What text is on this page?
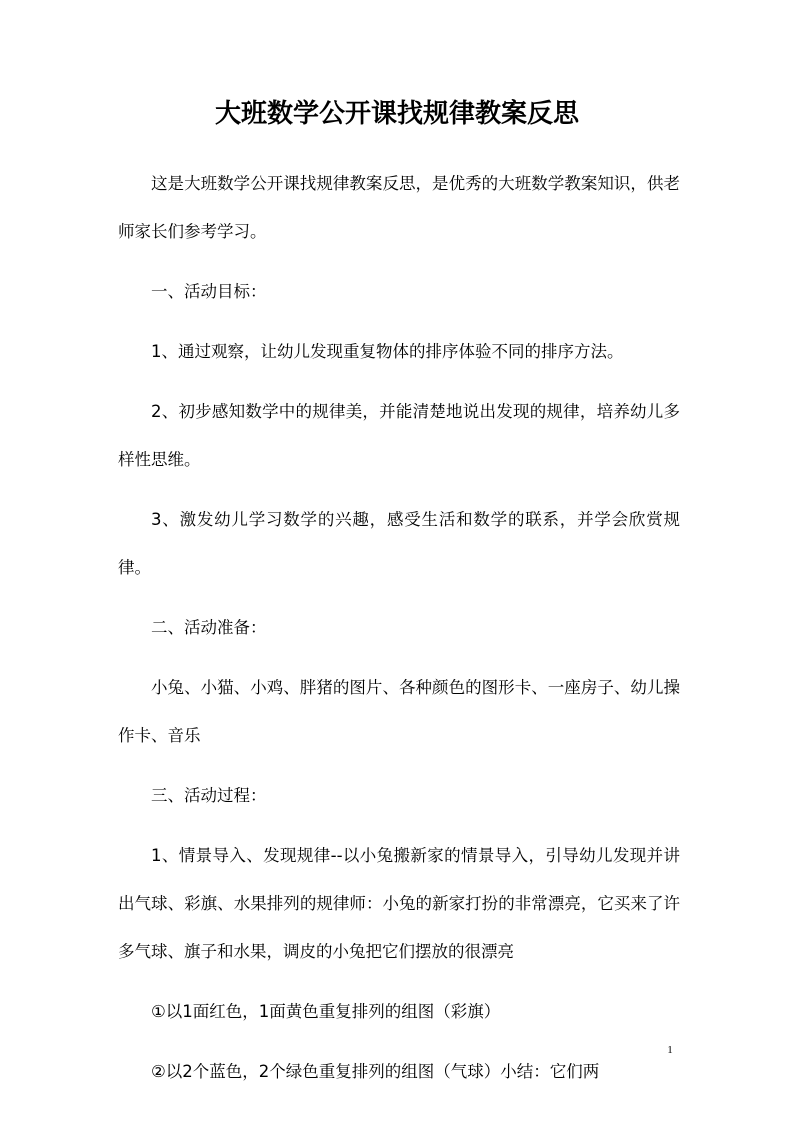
大班数学公开课找规律教案反思

这是大班数学公开课找规律教案反思，是优秀的大班数学教案知识，供老师家长们参考学习。

一、活动目标：

1、通过观察，让幼儿发现重复物体的排序体验不同的排序方法。

2、初步感知数学中的规律美，并能清楚地说出发现的规律，培养幼儿多样性思维。

3、激发幼儿学习数学的兴趣，感受生活和数学的联系，并学会欣赏规律。

二、活动准备：

小兔、小猫、小鸡、胖猪的图片、各种颜色的图形卡、一座房子、幼儿操作卡、音乐

三、活动过程：

1、情景导入、发现规律--以小兔搬新家的情景导入，引导幼儿发现并讲出气球、彩旗、水果排列的规律师：小兔的新家打扮的非常漂亮，它买来了许多气球、旗子和水果，调皮的小兔把它们摆放的很漂亮

①以1面红色，1面黄色重复排列的组图（彩旗）

②以2个蓝色，2个绿色重复排列的组图（气球）小结：它们两

1
